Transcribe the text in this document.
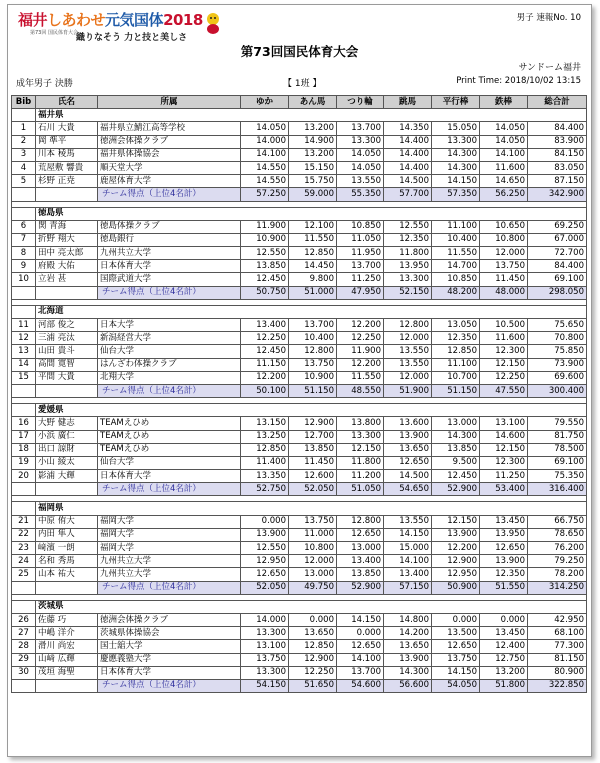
福井しあわせ元気国体2018
第73回 国民体育大会
織りなそう 力と技と美しさ
男子 速報No. 10
第73回国民体育大会
サンドーム福井
成年男子 決勝	【 1班 】	Print Time: 2018/10/02 13:15
Bib	氏名	所属	ゆか	あん馬	つり輪	跳馬	平行棒	鉄棒	総合計
	福井県								
1	石川 大貴	福井県立鯖江高等学校	14.050	13.200	13.700	14.350	15.050	14.050	84.400
2	岡 準平	徳洲会体操クラブ	14.000	14.900	13.300	14.400	13.300	14.050	83.900
3	川本 稜馬	福井県体操協会	14.100	13.200	14.050	14.400	14.300	14.100	84.150
4	荒屋敷 響貴	順天堂大学	14.550	15.150	14.050	14.400	14.300	11.600	83.050
5	杉野 正尭	鹿屋体育大学	14.550	15.750	13.550	14.500	14.150	14.650	87.150
		チーム得点（上位4名計）	57.250	59.000	55.350	57.700	57.350	56.250	342.900

	徳島県								
6	関 青海	徳島体操クラブ	11.900	12.100	10.850	12.550	11.100	10.650	69.250
7	折野 翔大	徳島銀行	10.900	11.550	11.050	12.350	10.400	10.800	67.000
8	田中 亮太郎	九州共立大学	12.550	12.850	11.950	11.800	11.550	12.000	72.700
9	府殿 大佑	日本体育大学	13.850	14.450	13.700	13.950	14.700	13.750	84.400
10	立岩 甚	国際武道大学	12.450	9.800	11.250	13.300	10.850	11.450	69.100
		チーム得点（上位4名計）	50.750	51.000	47.950	52.150	48.200	48.000	298.050

	北海道								
11	河部 俊之	日本大学	13.400	13.700	12.200	12.800	13.050	10.500	75.650
12	三浦 亮汰	新潟経営大学	12.250	10.400	12.250	12.000	12.350	11.600	70.800
13	山田 貴斗	仙台大学	12.450	12.800	11.900	13.550	12.850	12.300	75.850
14	高間 寛智	はんざわ体操クラブ	11.150	13.750	12.200	13.550	11.100	12.150	73.900
15	平間 大貴	北翔大学	12.200	10.900	11.550	12.000	10.700	12.250	69.600
		チーム得点（上位4名計）	50.100	51.150	48.550	51.900	51.150	47.550	300.400

	愛媛県								
16	大野 健志	TEAMえひめ	13.150	12.900	13.800	13.600	13.000	13.100	79.550
17	小浜 廣仁	TEAMえひめ	13.250	12.700	13.300	13.900	14.300	14.600	81.750
18	出口 諒財	TEAMえひめ	12.850	13.850	12.150	13.650	13.850	12.150	78.500
19	小山 綾太	仙台大学	11.400	11.450	11.800	12.650	9.500	12.300	69.100
20	影浦 大輝	日本体育大学	13.350	12.600	11.200	14.500	12.450	11.250	75.350
		チーム得点（上位4名計）	52.750	52.050	51.050	54.650	52.900	53.400	316.400

	福岡県								
21	中原 侑大	福岡大学	0.000	13.750	12.800	13.550	12.150	13.450	66.750
22	内田 隼人	福岡大学	13.900	11.000	12.650	14.150	13.900	13.950	78.650
23	﨑濱 一朗	福岡大学	12.550	10.800	13.000	15.000	12.200	12.650	76.200
24	名和 秀馬	九州共立大学	12.950	12.000	13.400	14.100	12.900	13.900	79.250
25	山本 祐大	九州共立大学	12.650	13.000	13.850	13.400	12.950	12.350	78.200
		チーム得点（上位4名計）	52.050	49.750	52.900	57.150	50.900	51.550	314.250

	茨城県								
26	佐藤 巧	徳洲会体操クラブ	14.000	0.000	14.150	14.800	0.000	0.000	42.950
27	中嶋 洋介	茨城県体操協会	13.300	13.650	0.000	14.200	13.500	13.450	68.100
28	滑川 尚宏	国士舘大学	13.100	12.850	12.650	13.650	12.650	12.400	77.300
29	山﨑 広輝	慶應義塾大学	13.750	12.900	14.100	13.900	13.750	12.750	81.150
30	茂垣 海聖	日本体育大学	13.300	12.250	13.700	14.300	14.150	13.200	80.900
		チーム得点（上位4名計）	54.150	51.650	54.600	56.600	54.050	51.800	322.850
